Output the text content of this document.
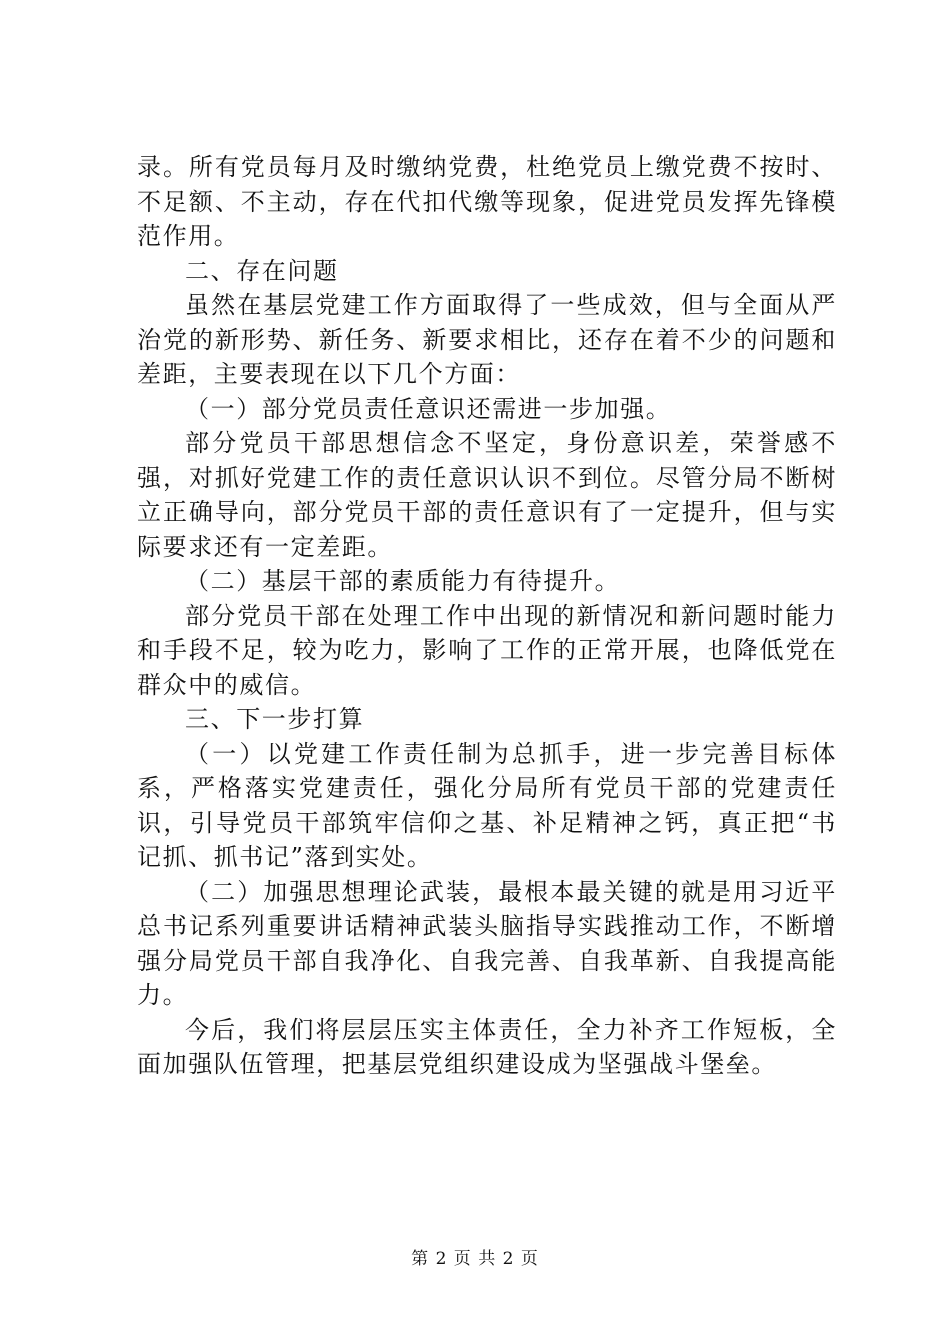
录。所有党员每月及时缴纳党费，杜绝党员上缴党费不按时、不足额、不主动，存在代扣代缴等现象，促进党员发挥先锋模范作用。

二、存在问题

虽然在基层党建工作方面取得了一些成效，但与全面从严治党的新形势、新任务、新要求相比，还存在着不少的问题和差距，主要表现在以下几个方面：

（一）部分党员责任意识还需进一步加强。

部分党员干部思想信念不坚定，身份意识差，荣誉感不强，对抓好党建工作的责任意识认识不到位。尽管分局不断树立正确导向，部分党员干部的责任意识有了一定提升，但与实际要求还有一定差距。

（二）基层干部的素质能力有待提升。

部分党员干部在处理工作中出现的新情况和新问题时能力和手段不足，较为吃力，影响了工作的正常开展，也降低党在群众中的威信。

三、下一步打算

（一）以党建工作责任制为总抓手，进一步完善目标体系，严格落实党建责任，强化分局所有党员干部的党建责任识，引导党员干部筑牢信仰之基、补足精神之钙，真正把“书记抓、抓书记”落到实处。

（二）加强思想理论武装，最根本最关键的就是用习近平总书记系列重要讲话精神武装头脑指导实践推动工作，不断增强分局党员干部自我净化、自我完善、自我革新、自我提高能力。

今后，我们将层层压实主体责任，全力补齐工作短板，全面加强队伍管理，把基层党组织建设成为坚强战斗堡垒。

第 2 页 共 2 页
